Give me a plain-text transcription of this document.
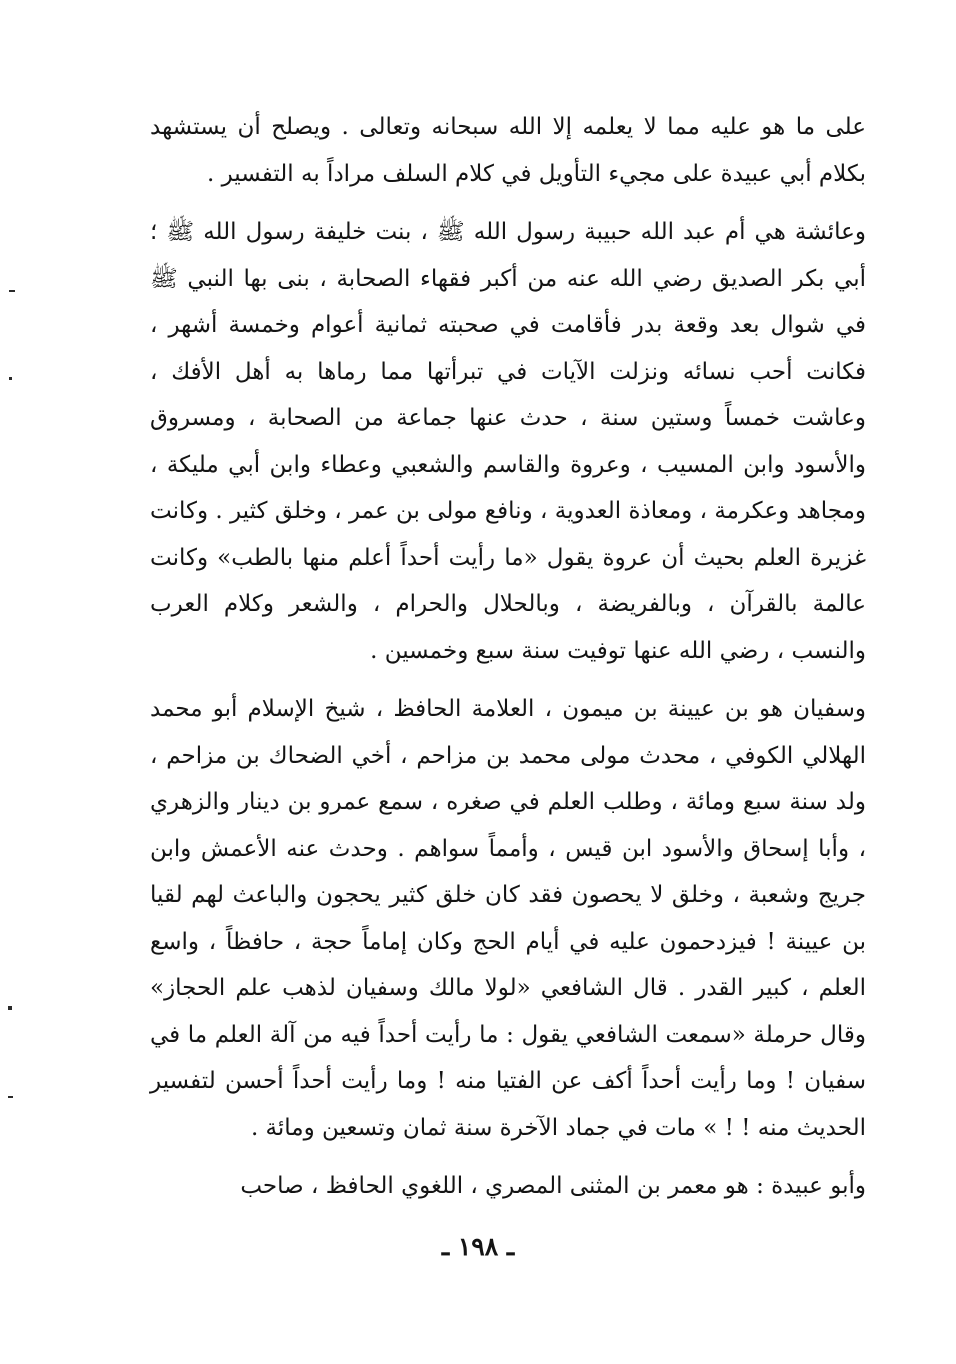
على ما هو عليه مما لا يعلمه إلا الله سبحانه وتعالى . ويصلح أن يستشهد بكلام أبي عبيدة على مجيء التأويل في كلام السلف مراداً به التفسير .

وعائشة هي أم عبد الله حبيبة رسول الله ﷺ ، بنت خليفة رسول الله ﷺ ؛ أبي بكر الصديق رضي الله عنه من أكبر فقهاء الصحابة ، بنى بها النبي ﷺ في شوال بعد وقعة بدر فأقامت في صحبته ثمانية أعوام وخمسة أشهر ، فكانت أحب نسائه ونزلت الآيات في تبرأتها مما رماها به أهل الأفك ، وعاشت خمساً وستين سنة ، حدث عنها جماعة من الصحابة ، ومسروق والأسود وابن المسيب ، وعروة والقاسم والشعبي وعطاء وابن أبي مليكة ، ومجاهد وعكرمة ، ومعاذة العدوية ، ونافع مولى بن عمر ، وخلق كثير . وكانت غزيرة العلم بحيث أن عروة يقول «ما رأيت أحداً أعلم منها بالطب» وكانت عالمة بالقرآن ، وبالفريضة ، وبالحلال والحرام ، والشعر وكلام العرب والنسب ، رضي الله عنها توفيت سنة سبع وخمسين .

وسفيان هو بن عيينة بن ميمون ، العلامة الحافظ ، شيخ الإسلام أبو محمد الهلالي الكوفي ، محدث مولى محمد بن مزاحم ، أخي الضحاك بن مزاحم ، ولد سنة سبع ومائة ، وطلب العلم في صغره ، سمع عمرو بن دينار والزهري ، وأبا إسحاق والأسود ابن قيس ، وأمماً سواهم . وحدث عنه الأعمش وابن جريج وشعبة ، وخلق لا يحصون فقد كان خلق كثير يحجون والباعث لهم لقيا بن عيينة ! فيزدحمون عليه في أيام الحج وكان إماماً حجة ، حافظاً ، واسع العلم ، كبير القدر . قال الشافعي «لولا مالك وسفيان لذهب علم الحجاز» وقال حرملة «سمعت الشافعي يقول : ما رأيت أحداً فيه من آلة العلم ما في سفيان ! وما رأيت أحداً أكف عن الفتيا منه ! وما رأيت أحداً أحسن لتفسير الحديث منه ! ! » مات في جماد الآخرة سنة ثمان وتسعين ومائة .

وأبو عبيدة : هو معمر بن المثنى المصري ، اللغوي الحافظ ، صاحب

ـ ١٩٨ ـ
